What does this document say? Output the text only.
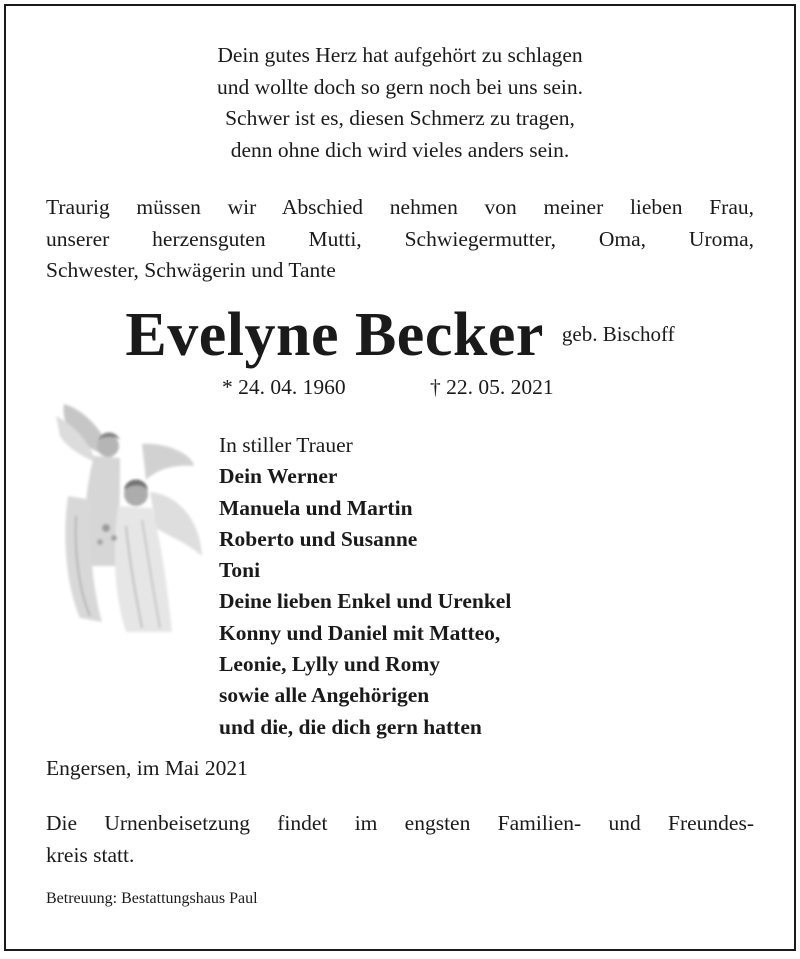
Dein gutes Herz hat aufgehört zu schlagen
und wollte doch so gern noch bei uns sein.
Schwer ist es, diesen Schmerz zu tragen,
denn ohne dich wird vieles anders sein.
Traurig müssen wir Abschied nehmen von meiner lieben Frau,
unserer herzensguten Mutti, Schwiegermutter, Oma, Uroma,
Schwester, Schwägerin und Tante
Evelyne Becker geb. Bischoff
* 24. 04. 1960	† 22. 05. 2021
In stiller Trauer
Dein Werner
Manuela und Martin
Roberto und Susanne
Toni
Deine lieben Enkel und Urenkel
Konny und Daniel mit Matteo,
Leonie, Lylly und Romy
sowie alle Angehörigen
und die, die dich gern hatten
Engersen, im Mai 2021
Die Urnenbeisetzung findet im engsten Familien- und Freundes-
kreis statt.
Betreuung: Bestattungshaus Paul
